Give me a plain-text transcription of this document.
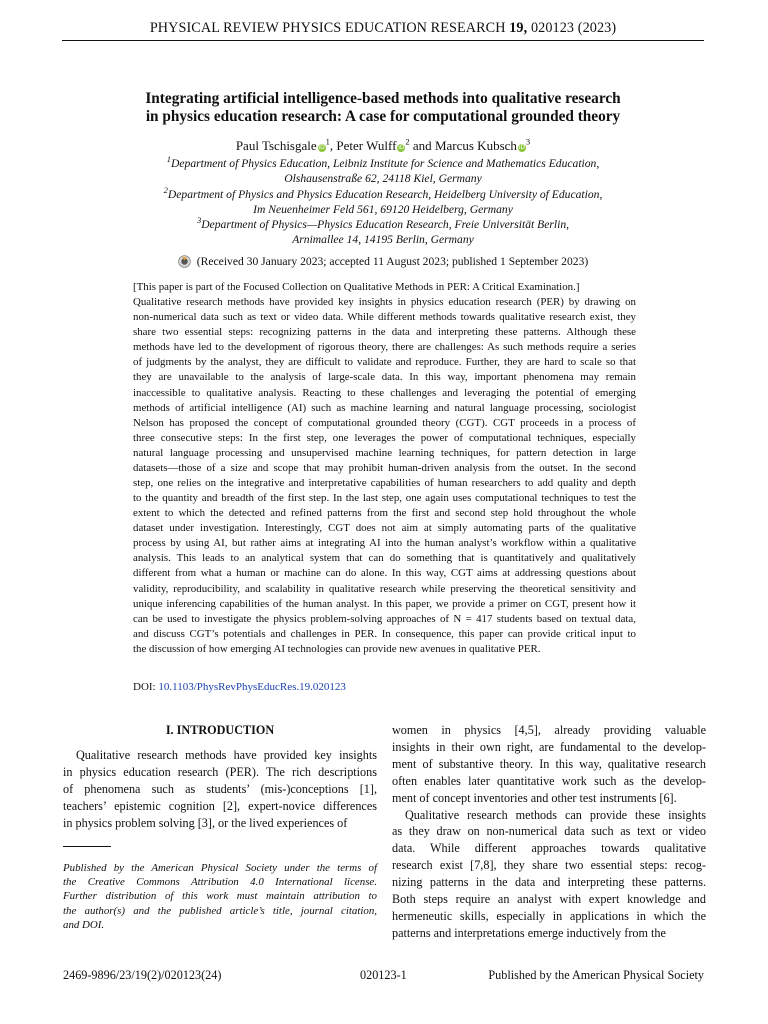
PHYSICAL REVIEW PHYSICS EDUCATION RESEARCH 19, 020123 (2023)
Integrating artificial intelligence-based methods into qualitative research
in physics education research: A case for computational grounded theory
Paul Tschisgale $iD^1$, Peter Wulff $iD^2$ and Marcus Kubsch $iD^3$
$^1$Department of Physics Education, Leibniz Institute for Science and Mathematics Education,
Olshausenstraße 62, 24118 Kiel, Germany
$^2$Department of Physics and Physics Education Research, Heidelberg University of Education,
Im Neuenheimer Feld 561, 69120 Heidelberg, Germany
$^3$Department of Physics—Physics Education Research, Freie Universität Berlin,
Arnimallee 14, 14195 Berlin, Germany
(Received 30 January 2023; accepted 11 August 2023; published 1 September 2023)
[This paper is part of the Focused Collection on Qualitative Methods in PER: A Critical Examination.]
Qualitative research methods have provided key insights in physics education research (PER) by drawing on
non-numerical data such as text or video data. While different methods towards qualitative research exist, they
share two essential steps: recognizing patterns in the data and interpreting these patterns. Although these
methods have led to the development of rigorous theory, there are challenges: As such methods require a series
of judgments by the analyst, they are difficult to validate and reproduce. Further, they are hard to scale so that
they are unavailable to the analysis of large-scale data. In this way, important phenomena may remain
inaccessible to qualitative analysis. Reacting to these challenges and leveraging the potential of emerging
methods of artificial intelligence (AI) such as machine learning and natural language processing, sociologist
Nelson has proposed the concept of computational grounded theory (CGT). CGT proceeds in a process of
three consecutive steps: In the first step, one leverages the power of computational techniques, especially
natural language processing and unsupervised machine learning techniques, for pattern detection in large
datasets—those of a size and scope that may prohibit human-driven analysis from the outset. In the second
step, one relies on the integrative and interpretative capabilities of human researchers to add quality and depth
to the quantity and breadth of the first step. In the last step, one again uses computational techniques to test the
extent to which the detected and refined patterns from the first and second step hold throughout the whole
dataset under investigation. Interestingly, CGT does not aim at simply automating parts of the qualitative
process by using AI, but rather aims at integrating AI into the human analyst’s workflow within a qualitative
analysis. This leads to an analytical system that can do something that is quantitatively and qualitatively
different from what a human or machine can do alone. In this way, CGT aims at addressing questions about
validity, reproducibility, and scalability in qualitative research while preserving the theoretical sensitivity and
unique inferencing capabilities of the human analyst. In this paper, we provide a primer on CGT, present how it
can be used to investigate the physics problem-solving approaches of N = 417 students based on textual data,
and discuss CGT’s potentials and challenges in PER. In consequence, this paper can provide critical input to
the discussion of how emerging AI technologies can provide new avenues in qualitative PER.
DOI: 10.1103/PhysRevPhysEducRes.19.020123
I. INTRODUCTION
Qualitative research methods have provided key insights
in physics education research (PER). The rich descriptions
of phenomena such as students’ (mis-)conceptions [1],
teachers’ epistemic cognition [2], expert-novice differences
in physics problem solving [3], or the lived experiences of
women in physics [4,5], already providing valuable
insights in their own right, are fundamental to the develop-
ment of substantive theory. In this way, qualitative research
often enables later quantitative work such as the develop-
ment of concept inventories and other test instruments [6].
Qualitative research methods can provide these insights
as they draw on non-numerical data such as text or video
data. While different approaches towards qualitative
research exist [7,8], they share two essential steps: recog-
nizing patterns in the data and interpreting these patterns.
Both steps require an analyst with expert knowledge and
hermeneutic skills, especially in applications in which the
patterns and interpretations emerge inductively from the
Published by the American Physical Society under the terms of
the Creative Commons Attribution 4.0 International license.
Further distribution of this work must maintain attribution to
the author(s) and the published article’s title, journal citation,
and DOI.
2469-9896/23/19(2)/020123(24)	020123-1	Published by the American Physical Society
